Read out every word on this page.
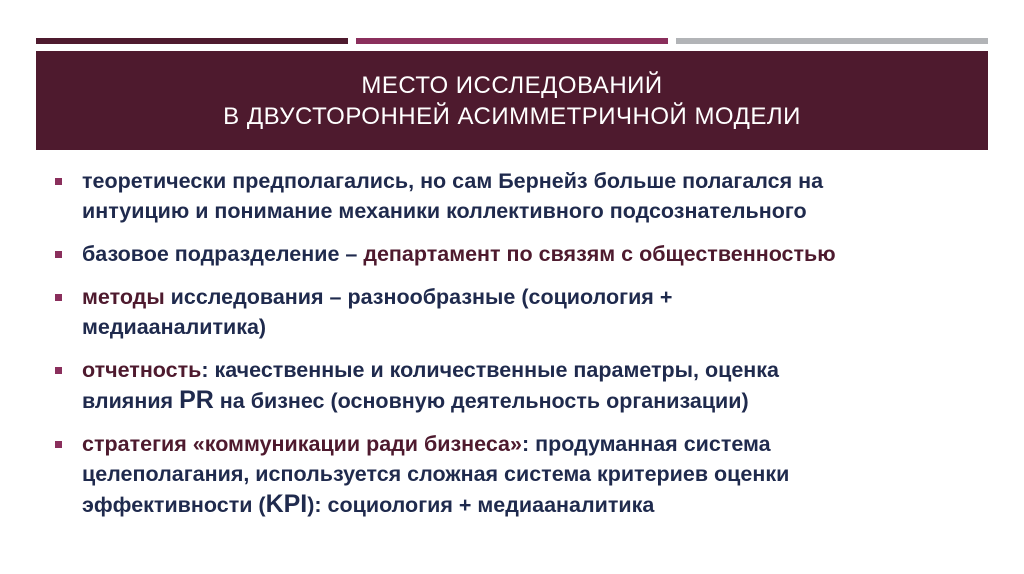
МЕСТО ИССЛЕДОВАНИЙ
В ДВУСТОРОННЕЙ АСИММЕТРИЧНОЙ МОДЕЛИ
теоретически предполагались, но сам Бернейз больше полагался на
интуицию и понимание механики коллективного подсознательного
базовое подразделение – департамент по связям с общественностью
методы исследования – разнообразные (социология +
медиааналитика)
отчетность: качественные и количественные параметры, оценка
влияния PR на бизнес (основную деятельность организации)
стратегия «коммуникации ради бизнеса»: продуманная система
целеполагания, используется сложная система критериев оценки
эффективности (KPI): социология + медиааналитика
